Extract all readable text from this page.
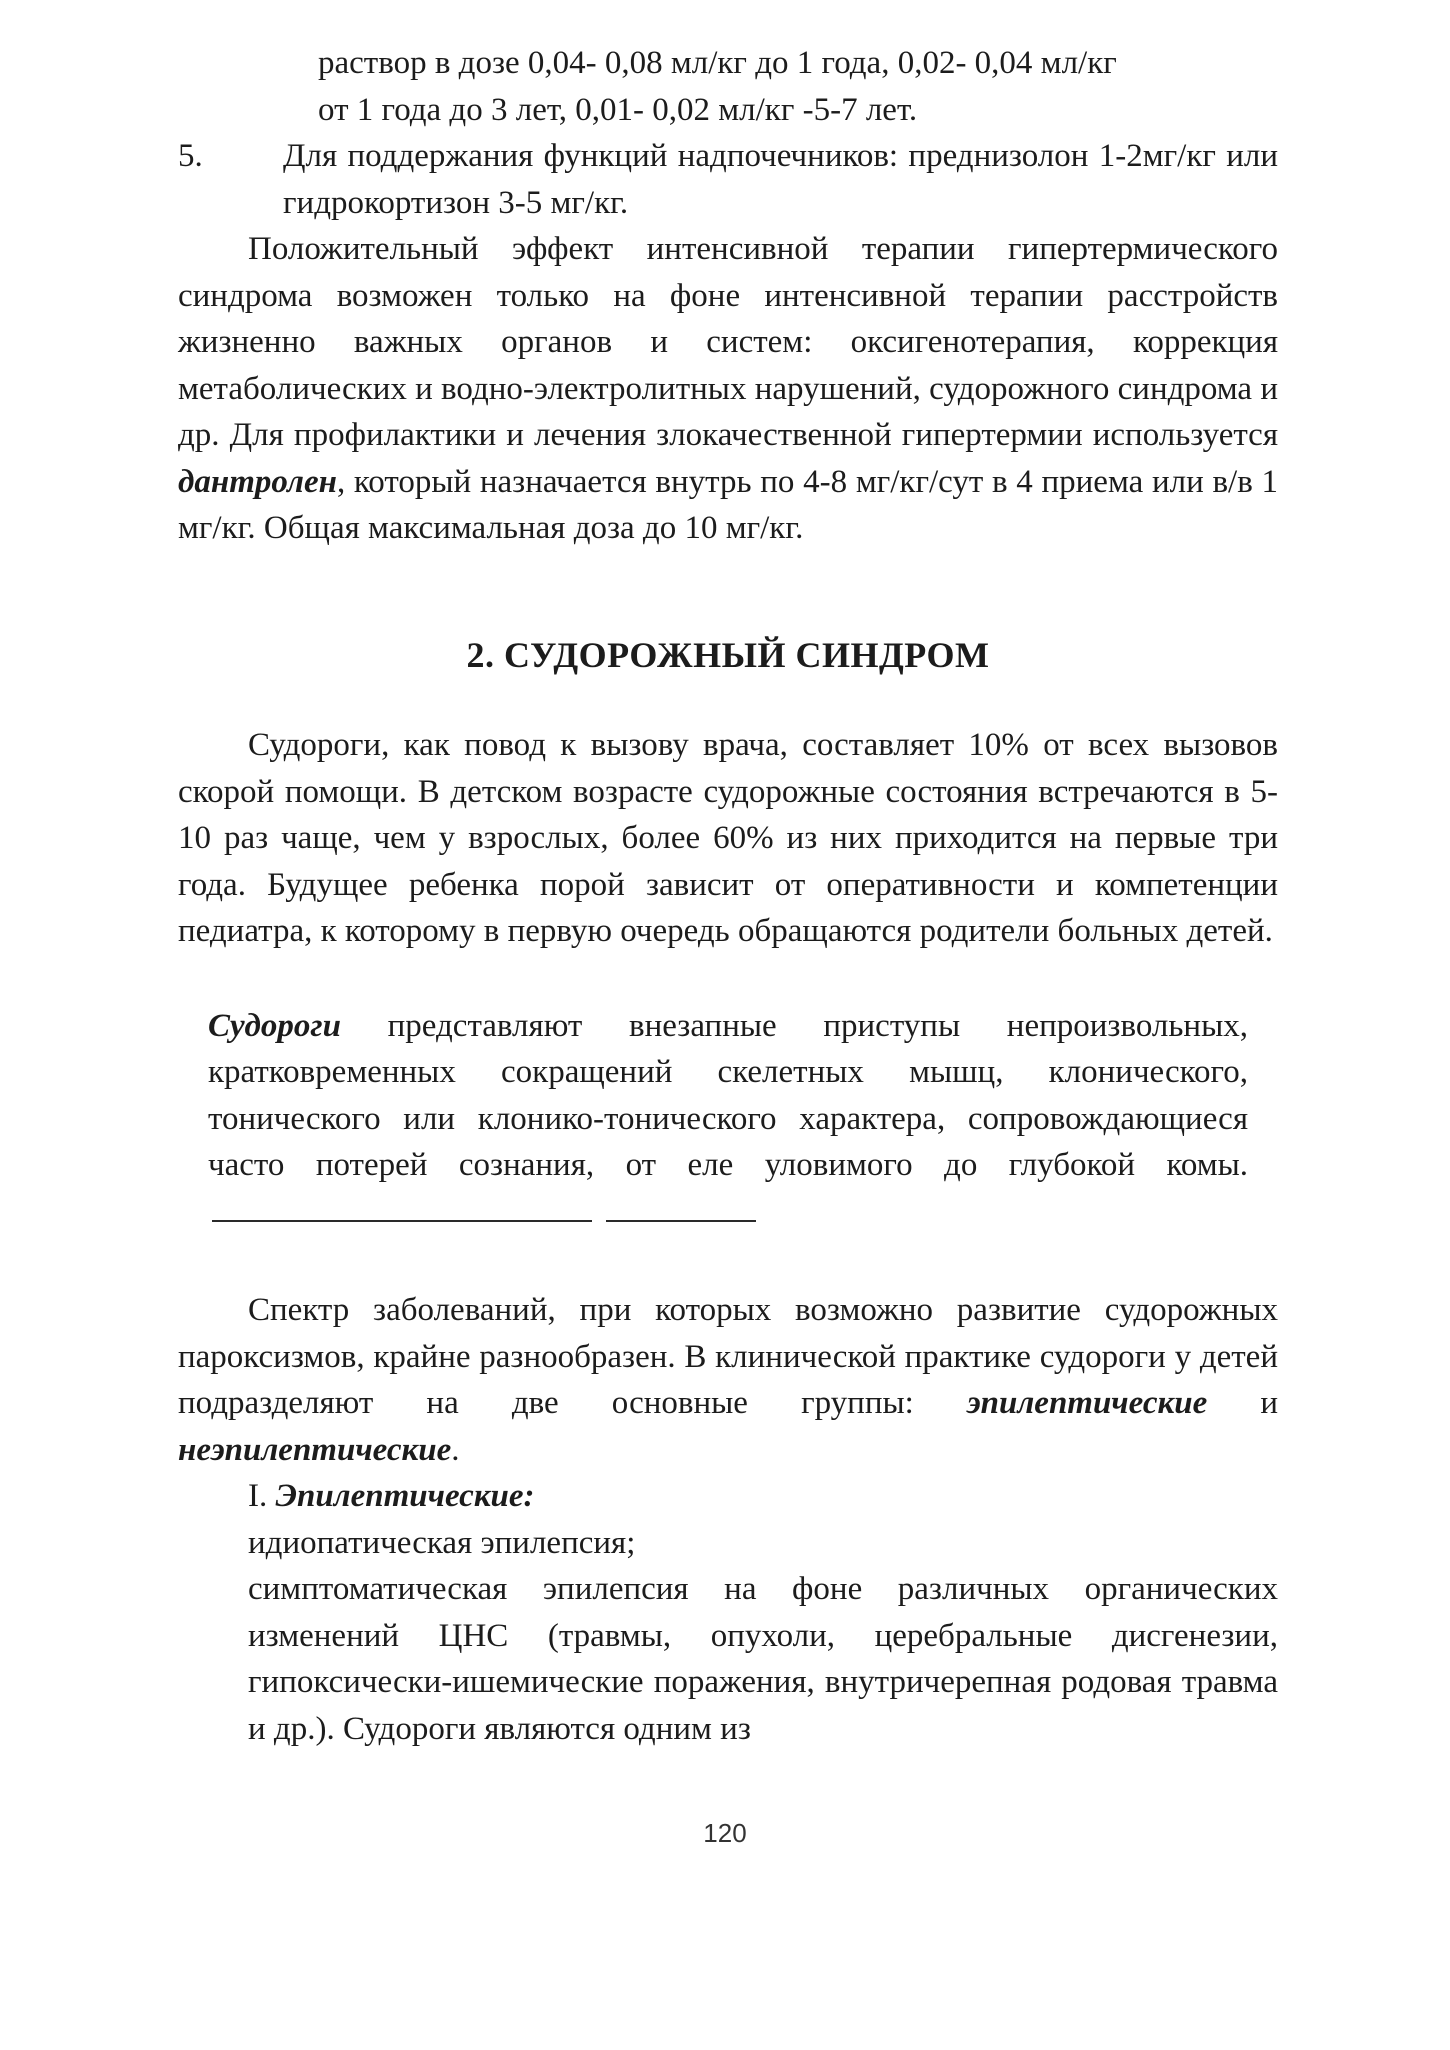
раствор в дозе 0,04- 0,08 мл/кг до 1 года, 0,02- 0,04 мл/кг

от 1 года до 3 лет, 0,01- 0,02 мл/кг -5-7 лет.

5.	Для поддержания функций надпочечников: преднизолон 1-2мг/кг или гидрокортизон 3-5 мг/кг.

Положительный эффект интенсивной терапии гипертермического синдрома возможен только на фоне интенсивной терапии расстройств жизненно важных органов и систем: оксигенотерапия, коррекция метаболических и водно-электролитных нарушений, судорожного синдрома и др. Для профилактики и лечения злокачественной гипертермии используется дантролен, который назначается внутрь по 4-8 мг/кг/сут в 4 приема или в/в 1 мг/кг. Общая максимальная доза до 10 мг/кг.

2. СУДОРОЖНЫЙ СИНДРОМ

Судороги, как повод к вызову врача, составляет 10% от всех вызовов скорой помощи. В детском возрасте судорожные состояния встречаются в 5-10 раз чаще, чем у взрослых, более 60% из них приходится на первые три года. Будущее ребенка порой зависит от оперативности и компетенции педиатра, к которому в первую очередь обращаются родители больных детей.

Судороги представляют внезапные приступы непроизвольных, кратковременных сокращений скелетных мышц, клонического, тонического или клонико-тонического характера, сопровождающиеся часто потерей сознания, от еле уловимого до глубокой комы.

Спектр заболеваний, при которых возможно развитие судорожных пароксизмов, крайне разнообразен. В клинической практике судороги у детей подразделяют на две основные группы: эпилептические и неэпилептические.

I. Эпилептические:

идиопатическая эпилепсия;

симптоматическая эпилепсия на фоне различных органических изменений ЦНС (травмы, опухоли, церебральные дисгенезии, гипоксически-ишемические поражения, внутричерепная родовая травма и др.). Судороги являются одним из

120
